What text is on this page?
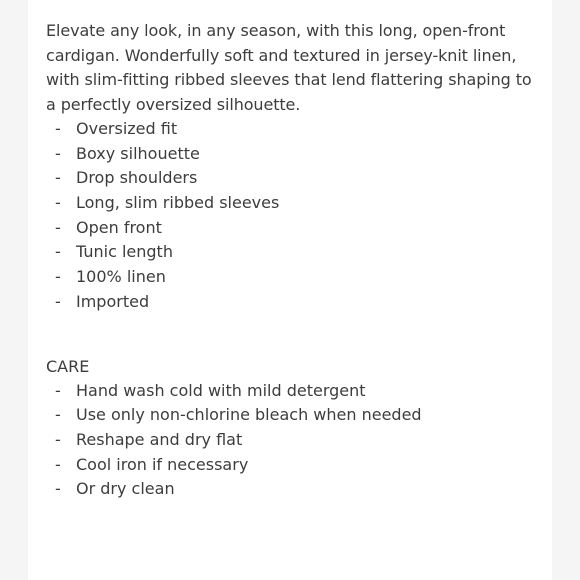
Elevate any look, in any season, with this long, open-front cardigan. Wonderfully soft and textured in jersey-knit linen, with slim-fitting ribbed sleeves that lend flattering shaping to a perfectly oversized silhouette.

- Oversized fit
- Boxy silhouette
- Drop shoulders
- Long, slim ribbed sleeves
- Open front
- Tunic length
- 100% linen
- Imported
CARE
- Hand wash cold with mild detergent
- Use only non-chlorine bleach when needed
- Reshape and dry flat
- Cool iron if necessary
- Or dry clean
